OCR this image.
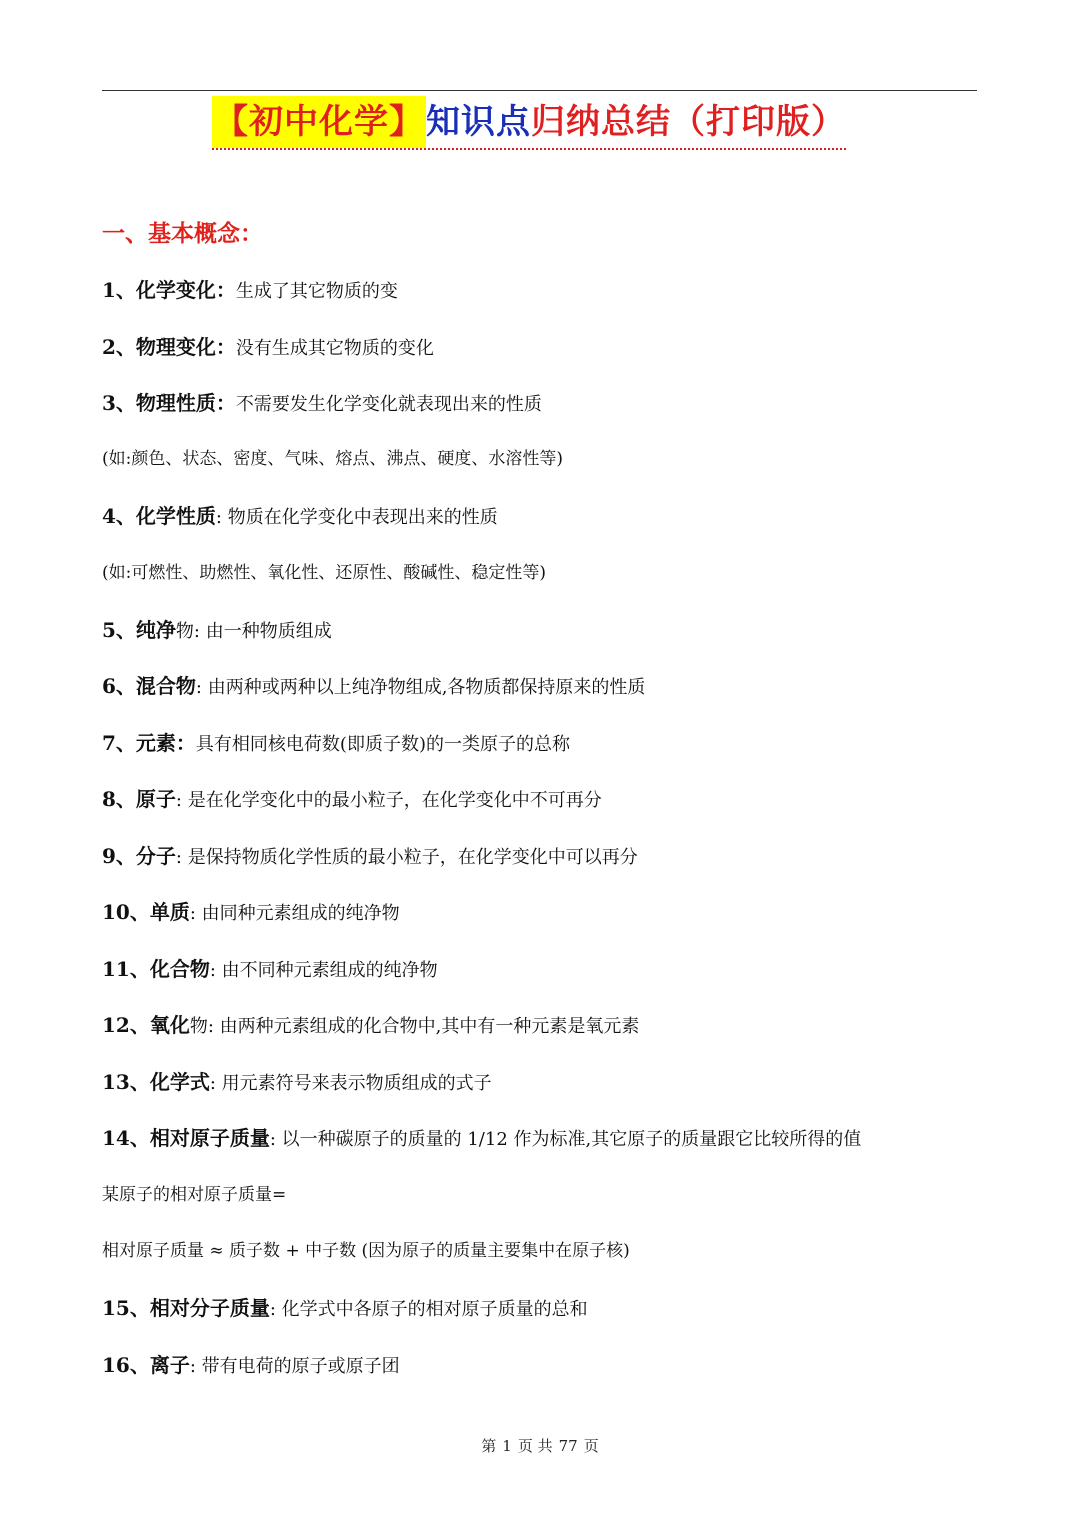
【初中化学】 知识点 归纳总结（打印版）
一、基本概念：
1、化学变化：生成了其它物质的变
2、物理变化：没有生成其它物质的变化
3、物理性质：不需要发生化学变化就表现出来的性质
(如:颜色、状态、密度、气味、熔点、沸点、硬度、水溶性等)
4、化学性质: 物质在化学变化中表现出来的性质
(如:可燃性、助燃性、氧化性、还原性、酸碱性、稳定性等)
5、纯净物: 由一种物质组成
6、混合物: 由两种或两种以上纯净物组成,各物质都保持原来的性质
7、元素：具有相同核电荷数(即质子数)的一类原子的总称
8、原子: 是在化学变化中的最小粒子，在化学变化中不可再分
9、分子: 是保持物质化学性质的最小粒子，在化学变化中可以再分
10、单质: 由同种元素组成的纯净物
11、化合物: 由不同种元素组成的纯净物
12、氧化物: 由两种元素组成的化合物中,其中有一种元素是氧元素
13、化学式: 用元素符号来表示物质组成的式子
14、相对原子质量: 以一种碳原子的质量的 1/12 作为标准,其它原子的质量跟它比较所得的值
某原子的相对原子质量=
相对原子质量 ≈ 质子数 + 中子数 (因为原子的质量主要集中在原子核)
15、相对分子质量: 化学式中各原子的相对原子质量的总和
16、离子: 带有电荷的原子或原子团
第 1 页 共 77 页
